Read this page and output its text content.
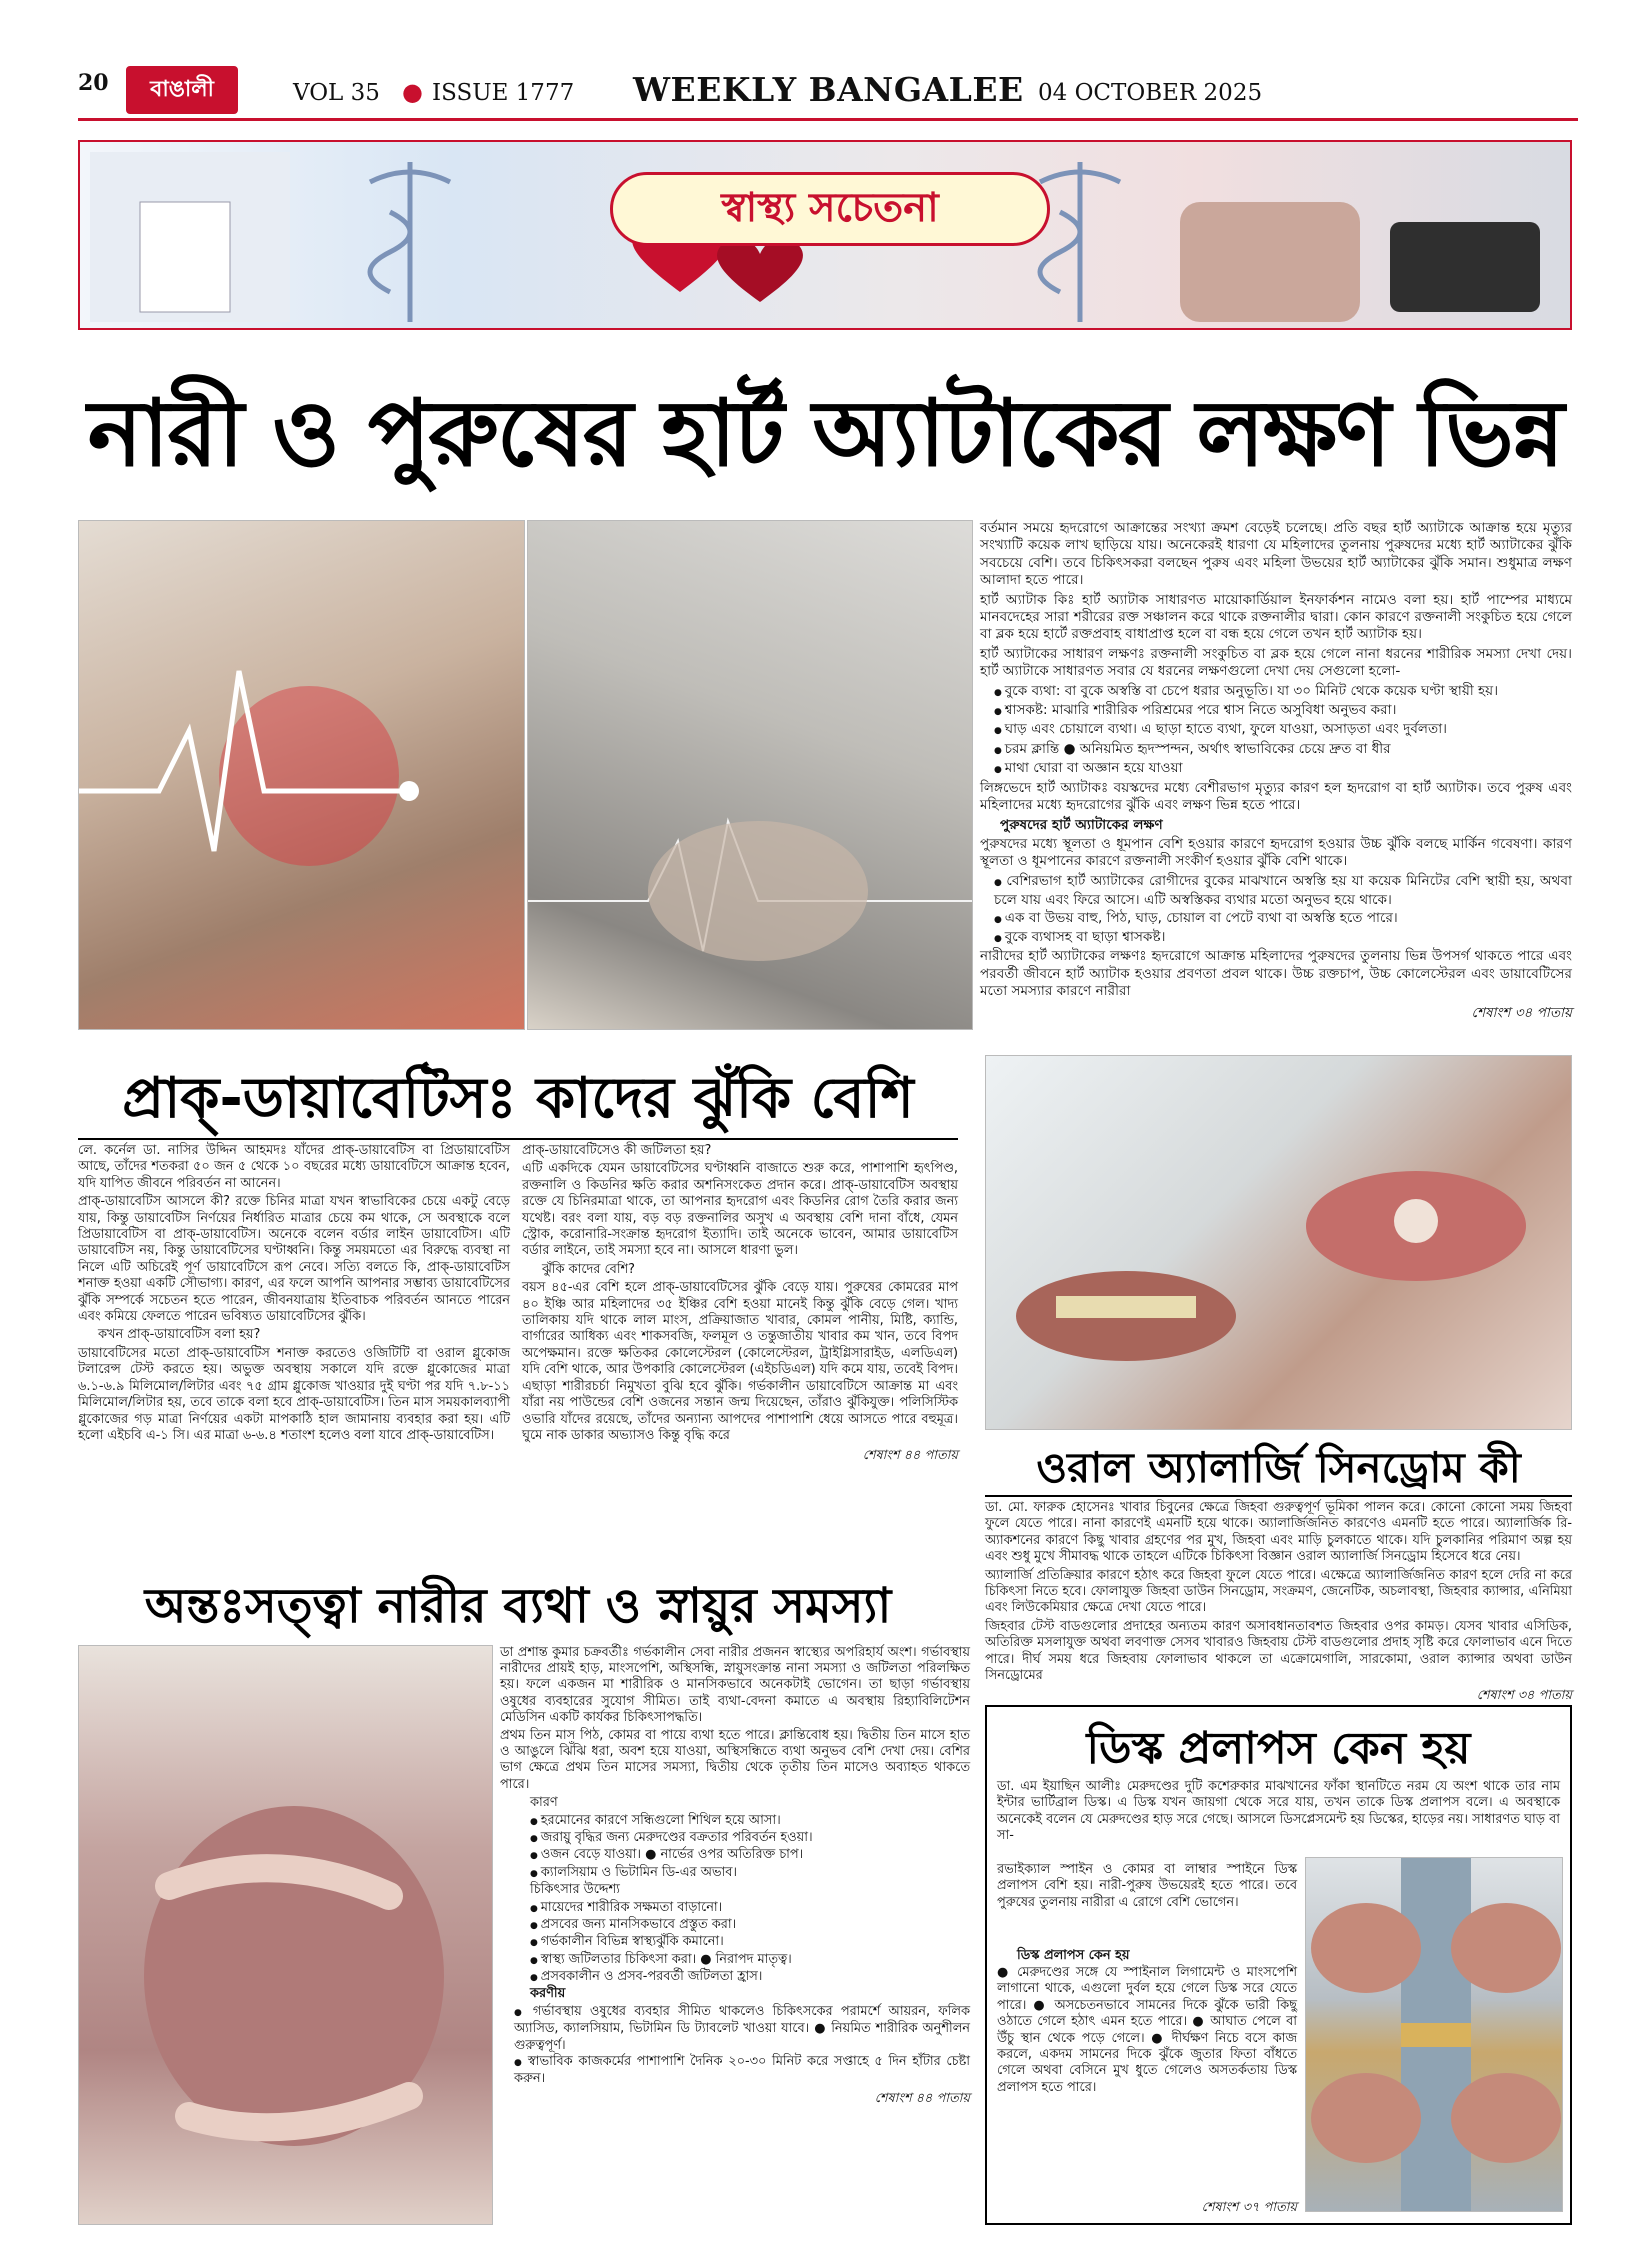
20	বাঙালী	VOL 35 ● ISSUE 1777 WEEKLY BANGALEE 04 OCTOBER 2025
স্বাস্থ্য সচেতনা
নারী ও পুরুষের হার্ট অ্যাটাকের লক্ষণ ভিন্ন

বর্তমান সময়ে হৃদরোগে আক্রান্তের সংখ্যা ক্রমশ বেড়েই চলেছে। প্রতি বছর হার্ট অ্যাটাকে আক্রান্ত হয়ে মৃত্যুর সংখ্যাটি কয়েক লাখ ছাড়িয়ে যায়। অনেকেরই ধারণা যে মহিলাদের তুলনায় পুরুষদের মধ্যে হার্ট অ্যাটাকের ঝুঁকি সবচেয়ে বেশি। তবে চিকিৎসকরা বলছেন পুরুষ এবং মহিলা উভয়ের হার্ট অ্যাটাকের ঝুঁকি সমান। শুধুমাত্র লক্ষণ আলাদা হতে পারে।

হার্ট অ্যাটাক কিঃ হার্ট অ্যাটাক সাধারণত মায়োকার্ডিয়াল ইনফার্কশন নামেও বলা হয়। হার্ট পাম্পের মাধ্যমে মানবদেহের সারা শরীরের রক্ত সঞ্চালন করে থাকে রক্তনালীর দ্বারা। কোন কারণে রক্তনালী সংকুচিত হয়ে গেলে বা ব্লক হয়ে হার্টে রক্তপ্রবাহ বাধাপ্রাপ্ত হলে বা বন্ধ হয়ে গেলে তখন হার্ট অ্যাটাক হয়।

হার্ট অ্যাটাকের সাধারণ লক্ষণঃ রক্তনালী সংকুচিত বা ব্লক হয়ে গেলে নানা ধরনের শারীরিক সমস্যা দেখা দেয়। হার্ট অ্যাটাকে সাধারণত সবার যে ধরনের লক্ষণগুলো দেখা দেয় সেগুলো হলো-

● বুকে ব্যথা: বা বুকে অস্বস্তি বা চেপে ধরার অনুভূতি। যা ৩০ মিনিট থেকে কয়েক ঘণ্টা স্থায়ী হয়।
● শ্বাসকষ্ট: মাঝারি শারীরিক পরিশ্রমের পরে শ্বাস নিতে অসুবিধা অনুভব করা।
● ঘাড় এবং চোয়ালে ব্যথা। এ ছাড়া হাতে ব্যথা, ফুলে যাওয়া, অসাড়তা এবং দুর্বলতা।
● চরম ক্লান্তি ● অনিয়মিত হৃদস্পন্দন, অর্থাৎ স্বাভাবিকের চেয়ে দ্রুত বা ধীর
● মাথা ঘোরা বা অজ্ঞান হয়ে যাওয়া

লিঙ্গভেদে হার্ট অ্যাটাকঃ বয়স্কদের মধ্যে বেশীরভাগ মৃত্যুর কারণ হল হৃদরোগ বা হার্ট অ্যাটাক। তবে পুরুষ এবং মহিলাদের মধ্যে হৃদরোগের ঝুঁকি এবং লক্ষণ ভিন্ন হতে পারে।

পুরুষদের হার্ট অ্যাটাকের লক্ষণ

পুরুষদের মধ্যে স্থূলতা ও ধূমপান বেশি হওয়ার কারণে হৃদরোগ হওয়ার উচ্চ ঝুঁকি বলছে মার্কিন গবেষণা। কারণ স্থূলতা ও ধূমপানের কারণে রক্তনালী সংকীর্ণ হওয়ার ঝুঁকি বেশি থাকে।

● বেশিরভাগ হার্ট অ্যাটাকের রোগীদের বুকের মাঝখানে অস্বস্তি হয় যা কয়েক মিনিটের বেশি স্থায়ী হয়, অথবা চলে যায় এবং ফিরে আসে। এটি অস্বস্তিকর ব্যথার মতো অনুভব হয়ে থাকে।
● এক বা উভয় বাহু, পিঠ, ঘাড়, চোয়াল বা পেটে ব্যথা বা অস্বস্তি হতে পারে।
● বুকে ব্যথাসহ বা ছাড়া শ্বাসকষ্ট।

নারীদের হার্ট অ্যাটাকের লক্ষণঃ হৃদরোগে আক্রান্ত মহিলাদের পুরুষদের তুলনায় ভিন্ন উপসর্গ থাকতে পারে এবং পরবর্তী জীবনে হার্ট অ্যাটাক হওয়ার প্রবণতা প্রবল থাকে। উচ্চ রক্তচাপ, উচ্চ কোলেস্টেরল এবং ডায়াবেটিসের মতো সমস্যার কারণে নারীরা

শেষাংশ ৩৪ পাতায়

প্রাক্-ডায়াবেটিসঃ কাদের ঝুঁকি বেশি

লে. কর্নেল ডা. নাসির উদ্দিন আহমদঃ যাঁদের প্রাক্-ডায়াবেটিস বা প্রিডায়াবেটিস আছে, তাঁদের শতকরা ৫০ জন ৫ থেকে ১০ বছরের মধ্যে ডায়াবেটিসে আক্রান্ত হবেন, যদি যাপিত জীবনে পরিবর্তন না আনেন।

প্রাক্-ডায়াবেটিস আসলে কী? রক্তে চিনির মাত্রা যখন স্বাভাবিকের চেয়ে একটু বেড়ে যায়, কিন্তু ডায়াবেটিস নির্ণয়ের নির্ধারিত মাত্রার চেয়ে কম থাকে, সে অবস্থাকে বলে প্রিডায়াবেটিস বা প্রাক্-ডায়াবেটিস। অনেকে বলেন বর্ডার লাইন ডায়াবেটিস। এটি ডায়াবেটিস নয়, কিন্তু ডায়াবেটিসের ঘণ্টাধ্বনি। কিন্তু সময়মতো এর বিরুদ্ধে ব্যবস্থা না নিলে এটি অচিরেই পূর্ণ ডায়াবেটিসে রূপ নেবে। সত্যি বলতে কি, প্রাক্-ডায়াবেটিস শনাক্ত হওয়া একটি সৌভাগ্য। কারণ, এর ফলে আপনি আপনার সম্ভাব্য ডায়াবেটিসের ঝুঁকি সম্পর্কে সচেতন হতে পারেন, জীবনযাত্রায় ইতিবাচক পরিবর্তন আনতে পারেন এবং কমিয়ে ফেলতে পারেন ভবিষ্যত ডায়াবেটিসের ঝুঁকি।

কখন প্রাক্-ডায়াবেটিস বলা হয়?

ডায়াবেটিসের মতো প্রাক্-ডায়াবেটিস শনাক্ত করতেও ওজিটিটি বা ওরাল গ্লুকোজ টলারেন্স টেস্ট করতে হয়। অভুক্ত অবস্থায় সকালে যদি রক্তে গ্লুকোজের মাত্রা ৬.১-৬.৯ মিলিমোল/লিটার এবং ৭৫ গ্রাম গ্লুকোজ খাওয়ার দুই ঘণ্টা পর যদি ৭.৮-১১ মিলিমোল/লিটার হয়, তবে তাকে বলা হবে প্রাক্-ডায়াবেটিস। তিন মাস সময়কালব্যাপী গ্লুকোজের গড় মাত্রা নির্ণয়ের একটা মাপকাঠি হাল জামানায় ব্যবহার করা হয়। এটি হলো এইচবি এ-১ সি। এর মাত্রা ৬-৬.৪ শতাংশ হলেও বলা যাবে প্রাক্-ডায়াবেটিস।

প্রাক্-ডায়াবেটিসেও কী জটিলতা হয়?

এটি একদিকে যেমন ডায়াবেটিসের ঘণ্টাধ্বনি বাজাতে শুরু করে, পাশাপাশি হৃৎপিণ্ড, রক্তনালি ও কিডনির ক্ষতি করার অশনিসংকেত প্রদান করে। প্রাক্-ডায়াবেটিস অবস্থায় রক্তে যে চিনিরমাত্রা থাকে, তা আপনার হৃদরোগ এবং কিডনির রোগ তৈরি করার জন্য যথেষ্ট। বরং বলা যায়, বড় বড় রক্তনালির অসুখ এ অবস্থায় বেশি দানা বাঁধে, যেমন স্ট্রোক, করোনারি-সংক্রান্ত হৃদরোগ ইত্যাদি। তাই অনেকে ভাবেন, আমার ডায়াবেটিস বর্ডার লাইনে, তাই সমস্যা হবে না। আসলে ধারণা ভুল।

ঝুঁকি কাদের বেশি?

বয়স ৪৫-এর বেশি হলে প্রাক্-ডায়াবেটিসের ঝুঁকি বেড়ে যায়। পুরুষের কোমরের মাপ ৪০ ইঞ্চি আর মহিলাদের ৩৫ ইঞ্চির বেশি হওয়া মানেই কিন্তু ঝুঁকি বেড়ে গেল। খাদ্য তালিকায় যদি থাকে লাল মাংস, প্রক্রিয়াজাত খাবার, কোমল পানীয়, মিষ্টি, ক্যান্ডি, বার্গারের আধিক্য এবং শাকসবজি, ফলমূল ও তন্তুজাতীয় খাবার কম খান, তবে বিপদ অপেক্ষমান। রক্তে ক্ষতিকর কোলেস্টেরল (কোলেস্টেরল, ট্রাইগ্লিসারাইড, এলডিএল) যদি বেশি থাকে, আর উপকারি কোলেস্টেরল (এইচডিএল) যদি কমে যায়, তবেই বিপদ। এছাড়া শারীরচর্চা নিমুখতা বুঝি হবে ঝুঁকি। গর্ভকালীন ডায়াবেটিসে আক্রান্ত মা এবং যাঁরা নয় পাউন্ডের বেশি ওজনের সন্তান জন্ম দিয়েছেন, তাঁরাও ঝুঁকিযুক্ত। পলিসিস্টিক ওভারি যাঁদের রয়েছে, তাঁদের অন্যান্য আপদের পাশাপাশি ধেয়ে আসতে পারে বহুমূত্র। ঘুমে নাক ডাকার অভ্যাসও কিন্তু বৃদ্ধি করে

শেষাংশ ৪৪ পাতায়	ওরাল অ্যালার্জি সিনড্রোম কী

ডা. মো. ফারুক হোসেনঃ খাবার চিবুনের ক্ষেত্রে জিহবা গুরুত্বপূর্ণ ভূমিকা পালন করে। কোনো কোনো সময় জিহবা ফুলে যেতে পারে। নানা কারণেই এমনটি হয়ে থাকে। অ্যালার্জিজনিত কারণেও এমনটি হতে পারে। অ্যালার্জিক রি-অ্যাকশনের কারণে কিছু খাবার গ্রহণের পর মুখ, জিহবা এবং মাড়ি চুলকাতে থাকে। যদি চুলকানির পরিমাণ অল্প হয় এবং শুধু মুখে সীমাবদ্ধ থাকে তাহলে এটিকে চিকিৎসা বিজ্ঞান ওরাল অ্যালার্জি সিনড্রোম হিসেবে ধরে নেয়।

অ্যালার্জি প্রতিক্রিয়ার কারণে হঠাৎ করে জিহবা ফুলে যেতে পারে। এক্ষেত্রে অ্যালার্জিজনিত কারণ হলে দেরি না করে চিকিৎসা নিতে হবে। ফোলাযুক্ত জিহবা ডাউন সিনড্রোম, সংক্রমণ, জেনেটিক, অচলাবস্থা, জিহবার ক্যান্সার, এনিমিয়া এবং লিউকেমিয়ার ক্ষেত্রে দেখা যেতে পারে।

জিহবার টেস্ট বাডগুলোর প্রদাহের অন্যতম কারণ অসাবধানতাবশত জিহবার ওপর কামড়। যেসব খাবার এসিডিক, অতিরিক্ত মসলাযুক্ত অথবা লবণাক্ত সেসব খাবারও জিহবায় টেস্ট বাডগুলোর প্রদাহ সৃষ্টি করে ফোলাভাব এনে দিতে পারে। দীর্ঘ সময় ধরে জিহবায় ফোলাভাব থাকলে তা এক্রোমেগালি, সারকোমা, ওরাল ক্যান্সার অথবা ডাউন সিনড্রোমের

শেষাংশ ৩৪ পাতায়

অন্তঃসত্ত্বা নারীর ব্যথা ও স্নায়ুর সমস্যা

ডা প্রশান্ত কুমার চক্রবর্তীঃ গর্ভকালীন সেবা নারীর প্রজনন স্বাস্থ্যের অপরিহার্য অংশ। গর্ভাবস্থায় নারীদের প্রায়ই হাড়, মাংসপেশি, অস্থিসন্ধি, স্নায়ুসংক্রান্ত নানা সমস্যা ও জটিলতা পরিলক্ষিত হয়। ফলে একজন মা শারীরিক ও মানসিকভাবে অনেকটাই ভোগেন। তা ছাড়া গর্ভাবস্থায় ওষুধের ব্যবহারের সুযোগ সীমিত। তাই ব্যথা-বেদনা কমাতে এ অবস্থায় রিহ্যাবিলিটেশন মেডিসিন একটি কার্যকর চিকিৎসাপদ্ধতি।

প্রথম তিন মাস পিঠ, কোমর বা পায়ে ব্যথা হতে পারে। ক্লান্তিবোধ হয়। দ্বিতীয় তিন মাসে হাত ও আঙুলে ঝিঁঝি ধরা, অবশ হয়ে যাওয়া, অস্থিসন্ধিতে ব্যথা অনুভব বেশি দেখা দেয়। বেশির ভাগ ক্ষেত্রে প্রথম তিন মাসের সমস্যা, দ্বিতীয় থেকে তৃতীয় তিন মাসেও অব্যাহত থাকতে পারে।

কারণ

● হরমোনের কারণে সন্ধিগুলো শিথিল হয়ে আসা।
● জরায়ু বৃদ্ধির জন্য মেরুদণ্ডের বক্রতার পরিবর্তন হওয়া।
● ওজন বেড়ে যাওয়া। ● নার্ভের ওপর অতিরিক্ত চাপ।
● ক্যালসিয়াম ও ভিটামিন ডি-এর অভাব।

চিকিৎসার উদ্দেশ্য

● মায়েদের শারীরিক সক্ষমতা বাড়ানো।
● প্রসবের জন্য মানসিকভাবে প্রস্তুত করা।
● গর্ভকালীন বিভিন্ন স্বাস্থ্যঝুঁকি কমানো।
● স্বাস্থ্য জটিলতার চিকিৎসা করা। ● নিরাপদ মাতৃত্ব।
● প্রসবকালীন ও প্রসব-পরবর্তী জটিলতা হ্রাস।

করণীয়

● গর্ভাবস্থায় ওষুধের ব্যবহার সীমিত থাকলেও চিকিৎসকের পরামর্শে আয়রন, ফলিক অ্যাসিড, ক্যালসিয়াম, ভিটামিন ডি ট্যাবলেট খাওয়া যাবে। ● নিয়মিত শারীরিক অনুশীলন গুরুত্বপূর্ণ।
● স্বাভাবিক কাজকর্মের পাশাপাশি দৈনিক ২০-৩০ মিনিট করে সপ্তাহে ৫ দিন হাঁটার চেষ্টা করুন।

শেষাংশ ৪৪ পাতায়

ডিস্ক প্রলাপস কেন হয়
ডা. এম ইয়াছিন আলীঃ মেরুদণ্ডের দুটি কশেরুকার মাঝখানের ফাঁকা স্থানটিতে নরম যে অংশ থাকে তার নাম ইন্টার ভার্টিব্রাল ডিস্ক। এ ডিস্ক যখন জায়গা থেকে সরে যায়, তখন তাকে ডিস্ক প্রলাপস বলে। এ অবস্থাকে অনেকেই বলেন যে মেরুদণ্ডের হাড় সরে গেছে। আসলে ডিসপ্লেসমেন্ট হয় ডিস্কের, হাড়ের নয়। সাধারণত ঘাড় বা সা-
রভাইক্যাল স্পাইন ও কোমর বা লাম্বার স্পাইনে ডিস্ক প্রলাপস বেশি হয়। নারী-পুরুষ উভয়েরই হতে পারে। তবে পুরুষের তুলনায় নারীরা এ রোগে বেশি ভোগেন।
ডিস্ক প্রলাপস কেন হয়
● মেরুদণ্ডের সঙ্গে যে স্পাইনাল লিগামেন্ট ও মাংসপেশি লাগানো থাকে, এগুলো দুর্বল হয়ে গেলে ডিস্ক সরে যেতে পারে। ● অসচেতনভাবে সামনের দিকে ঝুঁকে ভারী কিছু ওঠাতে গেলে হঠাৎ এমন হতে পারে। ● আঘাত পেলে বা উঁচু স্থান থেকে পড়ে গেলে। ● দীর্ঘক্ষণ নিচে বসে কাজ করলে, একদম সামনের দিকে ঝুঁকে জুতার ফিতা বাঁধতে গেলে অথবা বেসিনে মুখ ধুতে গেলেও অসতর্কতায় ডিস্ক প্রলাপস হতে পারে।
শেষাংশ ৩৭ পাতায়
